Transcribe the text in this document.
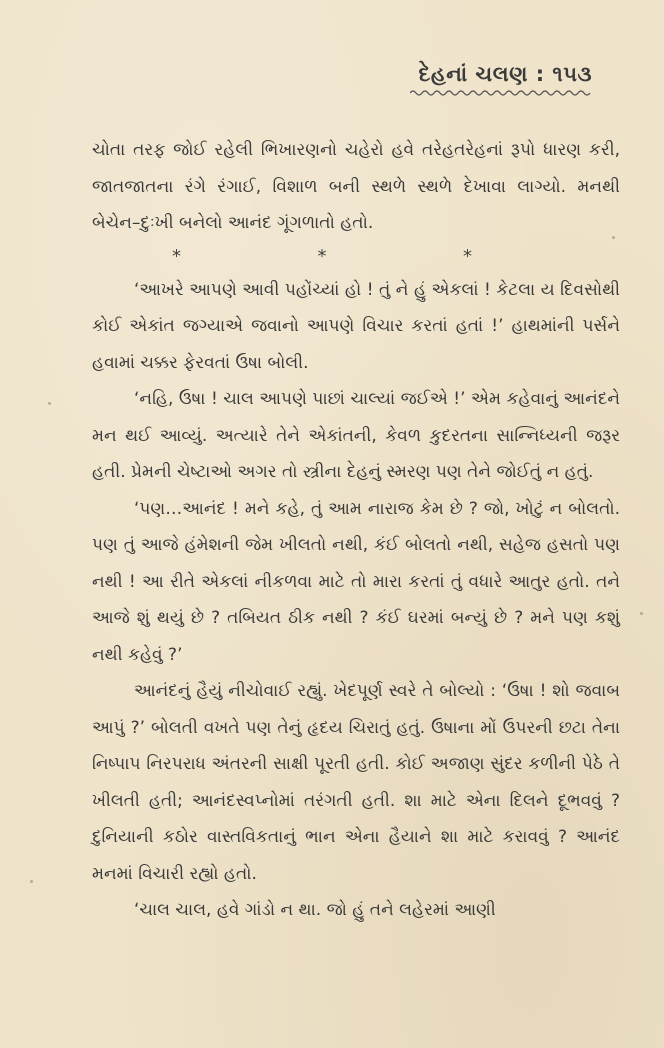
દેહનાં ચલણ : ૧૫૩

ચોતા તરફ જોઈ રહેલી ભિખારણનો ચહેરો હવે તરેહતરેહનાં રૂપો ધારણ કરી, જાતજાતના રંગે રંગાઈ, વિશાળ બની સ્થળે સ્થળે દેખાવા લાગ્યો. મનથી બેચેન–દુઃખી બનેલો આનંદ ગૂંગળાતો હતો.

*	*	*

‘આખરે આપણે આવી પહોંચ્યાં હો ! તું ને હું એકલાં ! કેટલા ય દિવસોથી કોઈ એકાંત જગ્યાએ જવાનો આપણે વિચાર કરતાં હતાં !’ હાથમાંની પર્સને હવામાં ચક્કર ફેરવતાં ઉષા બોલી.

‘નહિ, ઉષા ! ચાલ આપણે પાછાં ચાલ્યાં જઈએ !’ એમ કહેવાનું આનંદને મન થઈ આવ્યું. અત્યારે તેને એકાંતની, કેવળ કુદરતના સાન્નિધ્યની જરૂર હતી. પ્રેમની ચેષ્ટાઓ અગર તો સ્ત્રીના દેહનું સ્મરણ પણ તેને જોઈતું ન હતું.

‘પણ…આનંદ ! મને કહે, તું આમ નારાજ કેમ છે ? જો, ખોટું ન બોલતો. પણ તું આજે હંમેશની જેમ ખીલતો નથી, કંઈ બોલતો નથી, સહેજ હસતો પણ નથી ! આ રીતે એકલાં નીકળવા માટે તો મારા કરતાં તું વધારે આતુર હતો. તને આજે શું થયું છે ? તબિયત ઠીક નથી ? કંઈ ઘરમાં બન્યું છે ? મને પણ કશું નથી કહેવું ?’

આનંદનું હૈયું નીચોવાઈ રહ્યું. ખેદપૂર્ણ સ્વરે તે બોલ્યો : ‘ઉષા ! શો જવાબ આપું ?’ બોલતી વખતે પણ તેનું હૃદય ચિરાતું હતું. ઉષાના મોં ઉપરની છટા તેના નિષ્પાપ નિરપરાધ અંતરની સાક્ષી પૂરતી હતી. કોઈ અજાણ સુંદર કળીની પેઠે તે ખીલતી હતી; આનંદસ્વપ્નોમાં તરંગતી હતી. શા માટે એના દિલને દૂભવવું ? દુનિયાની કઠોર વાસ્તવિકતાનું ભાન એના હૈયાને શા માટે કરાવવું ? આનંદ મનમાં વિચારી રહ્યો હતો.

‘ચાલ ચાલ, હવે ગાંડો ન થા. જો હું તને લહેરમાં આણી
